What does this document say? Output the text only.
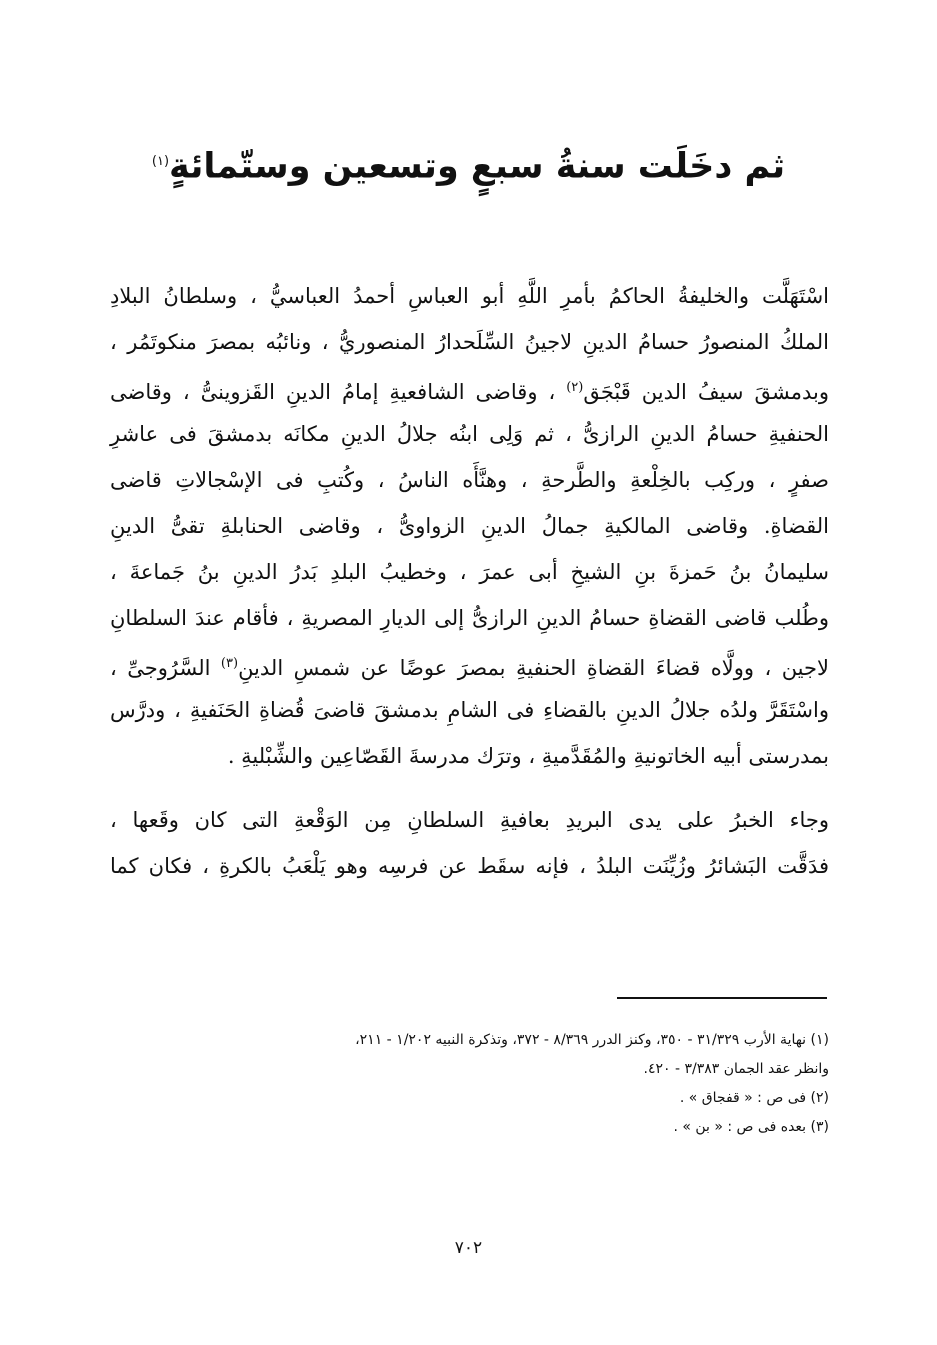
ثم دخَلَت سنةُ سبعٍ وتسعين وستّمائةٍ$^{(١)}$
اسْتَهَلَّت والخليفةُ الحاكمُ بأمرِ اللَّهِ أبو العباسِ أحمدُ العباسيُّ ، وسلطانُ البلادِ
الملكُ المنصورُ حسامُ الدينِ لاجينُ السِّلَحدارُ المنصوريُّ ، ونائبُه بمصرَ منكوتَمُر ،
وبدمشقَ سيفُ الدين قَبْجَق$^{(٢)}$ ، وقاضى الشافعيةِ إمامُ الدينِ القَزوينىُّ ، وقاضى
الحنفيةِ حسامُ الدينِ الرازىُّ ، ثم وَلِى ابنُه جلالُ الدينِ مكانَه بدمشقَ فى عاشرِ
صفرٍ ، وركِب بالخِلْعةِ والطَّرحةِ ، وهنَّأَه الناسُ ، وكُتبِ فى الإسْجالاتِ قاضى
القضاةِ. وقاضى المالكيةِ جمالُ الدينِ الزواوىُّ ، وقاضى الحنابلةِ تقىُّ الدينِ
سليمانُ بنُ حَمزةَ بنِ الشيخِ أبى عمرَ ، وخطيبُ البلدِ بَدرُ الدينِ بنُ جَماعةَ ،
وطُلب قاضى القضاةِ حسامُ الدينِ الرازىُّ إلى الديارِ المصريةِ ، فأقام عندَ السلطانِ
لاجين ، وولَّاه قضاءَ القضاةِ الحنفيةِ بمصرَ عوضًا عن شمسِ الدينِ$^{(٣)}$ السَّرُوجىِّ ،
واسْتَقَرَّ ولدُه جلالُ الدينِ بالقضاءِ فى الشامِ بدمشقَ قاضىَ قُضاةِ الحَنَفيةِ ، ودرَّس
بمدرستى أبيه الخاتونيةِ والمُقَدَّميةِ ، وترَك مدرسةَ القَصّاعِين والشِّبْليةِ .
وجاء الخبرُ على يدى البريدِ بعافيةِ السلطانِ مِن الوَقْعةِ التى كان وقَعها ،
فدَقَّت البَشائرُ وزُيِّنَت البلدُ ، فإنه سقَط عن فرسِه وهو يَلْعَبُ بالكرةِ ، فكان كما
(١) نهاية الأرب ٣١/٣٢٩ - ٣٥٠، وكنز الدرر ٨/٣٦٩ - ٣٧٢، وتذكرة النبيه ١/٢٠٢ - ٢١١،
وانظر عقد الجمان ٣/٣٨٣ - ٤٢٠.
(٢) فى ص : « قفجاق » .
(٣) بعده فى ص : « بن » .
٧٠٢
